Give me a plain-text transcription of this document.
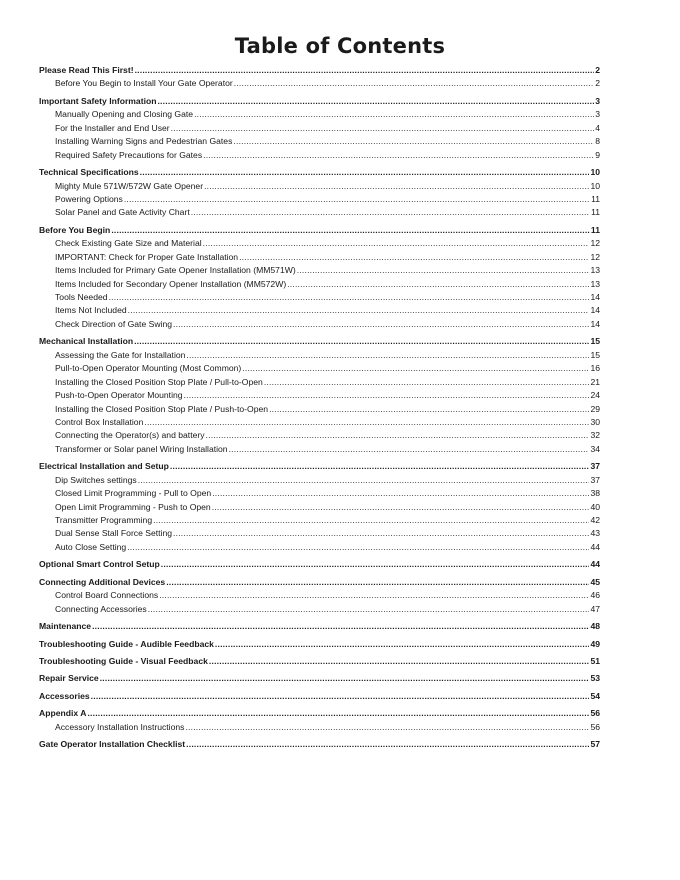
Table of Contents
Please Read This First! .....	2
Before You Begin to Install Your Gate Operator .....	2
Important Safety Information .....	3
Manually Opening and Closing Gate .....	3
For the Installer and End User .....	4
Installing Warning Signs and Pedestrian Gates .....	8
Required Safety Precautions for Gates .....	9
Technical Specifications .....	10
Mighty Mule 571W/572W Gate Opener .....	10
Powering Options .....	11
Solar Panel and Gate Activity Chart .....	11
Before You Begin .....	11
Check Existing Gate Size and Material .....	12
IMPORTANT: Check for Proper Gate Installation .....	12
Items Included for Primary Gate Opener Installation (MM571W) .....	13
Items Included for Secondary Opener Installation (MM572W) .....	13
Tools Needed .....	14
Items Not Included .....	14
Check Direction of Gate Swing .....	14
Mechanical Installation .....	15
Assessing the Gate for Installation .....	15
Pull-to-Open Operator Mounting (Most Common) .....	16
Installing the Closed Position Stop Plate / Pull-to-Open .....	21
Push-to-Open Operator Mounting .....	24
Installing the Closed Position Stop Plate / Push-to-Open .....	29
Control Box Installation .....	30
Connecting the Operator(s) and battery .....	32
Transformer or Solar panel Wiring Installation .....	34
Electrical Installation and Setup .....	37
Dip Switches settings .....	37
Closed Limit Programming - Pull to Open .....	38
Open Limit Programming - Push to Open .....	40
Transmitter Programming .....	42
Dual Sense Stall Force Setting .....	43
Auto Close Setting .....	44
Optional Smart Control Setup .....	44
Connecting Additional Devices .....	45
Control Board Connections .....	46
Connecting Accessories .....	47
Maintenance .....	48
Troubleshooting Guide - Audible Feedback .....	49
Troubleshooting Guide - Visual Feedback .....	51
Repair Service .....	53
Accessories .....	54
Appendix A .....	56
Accessory Installation Instructions .....	56
Gate Operator Installation Checklist .....	57
